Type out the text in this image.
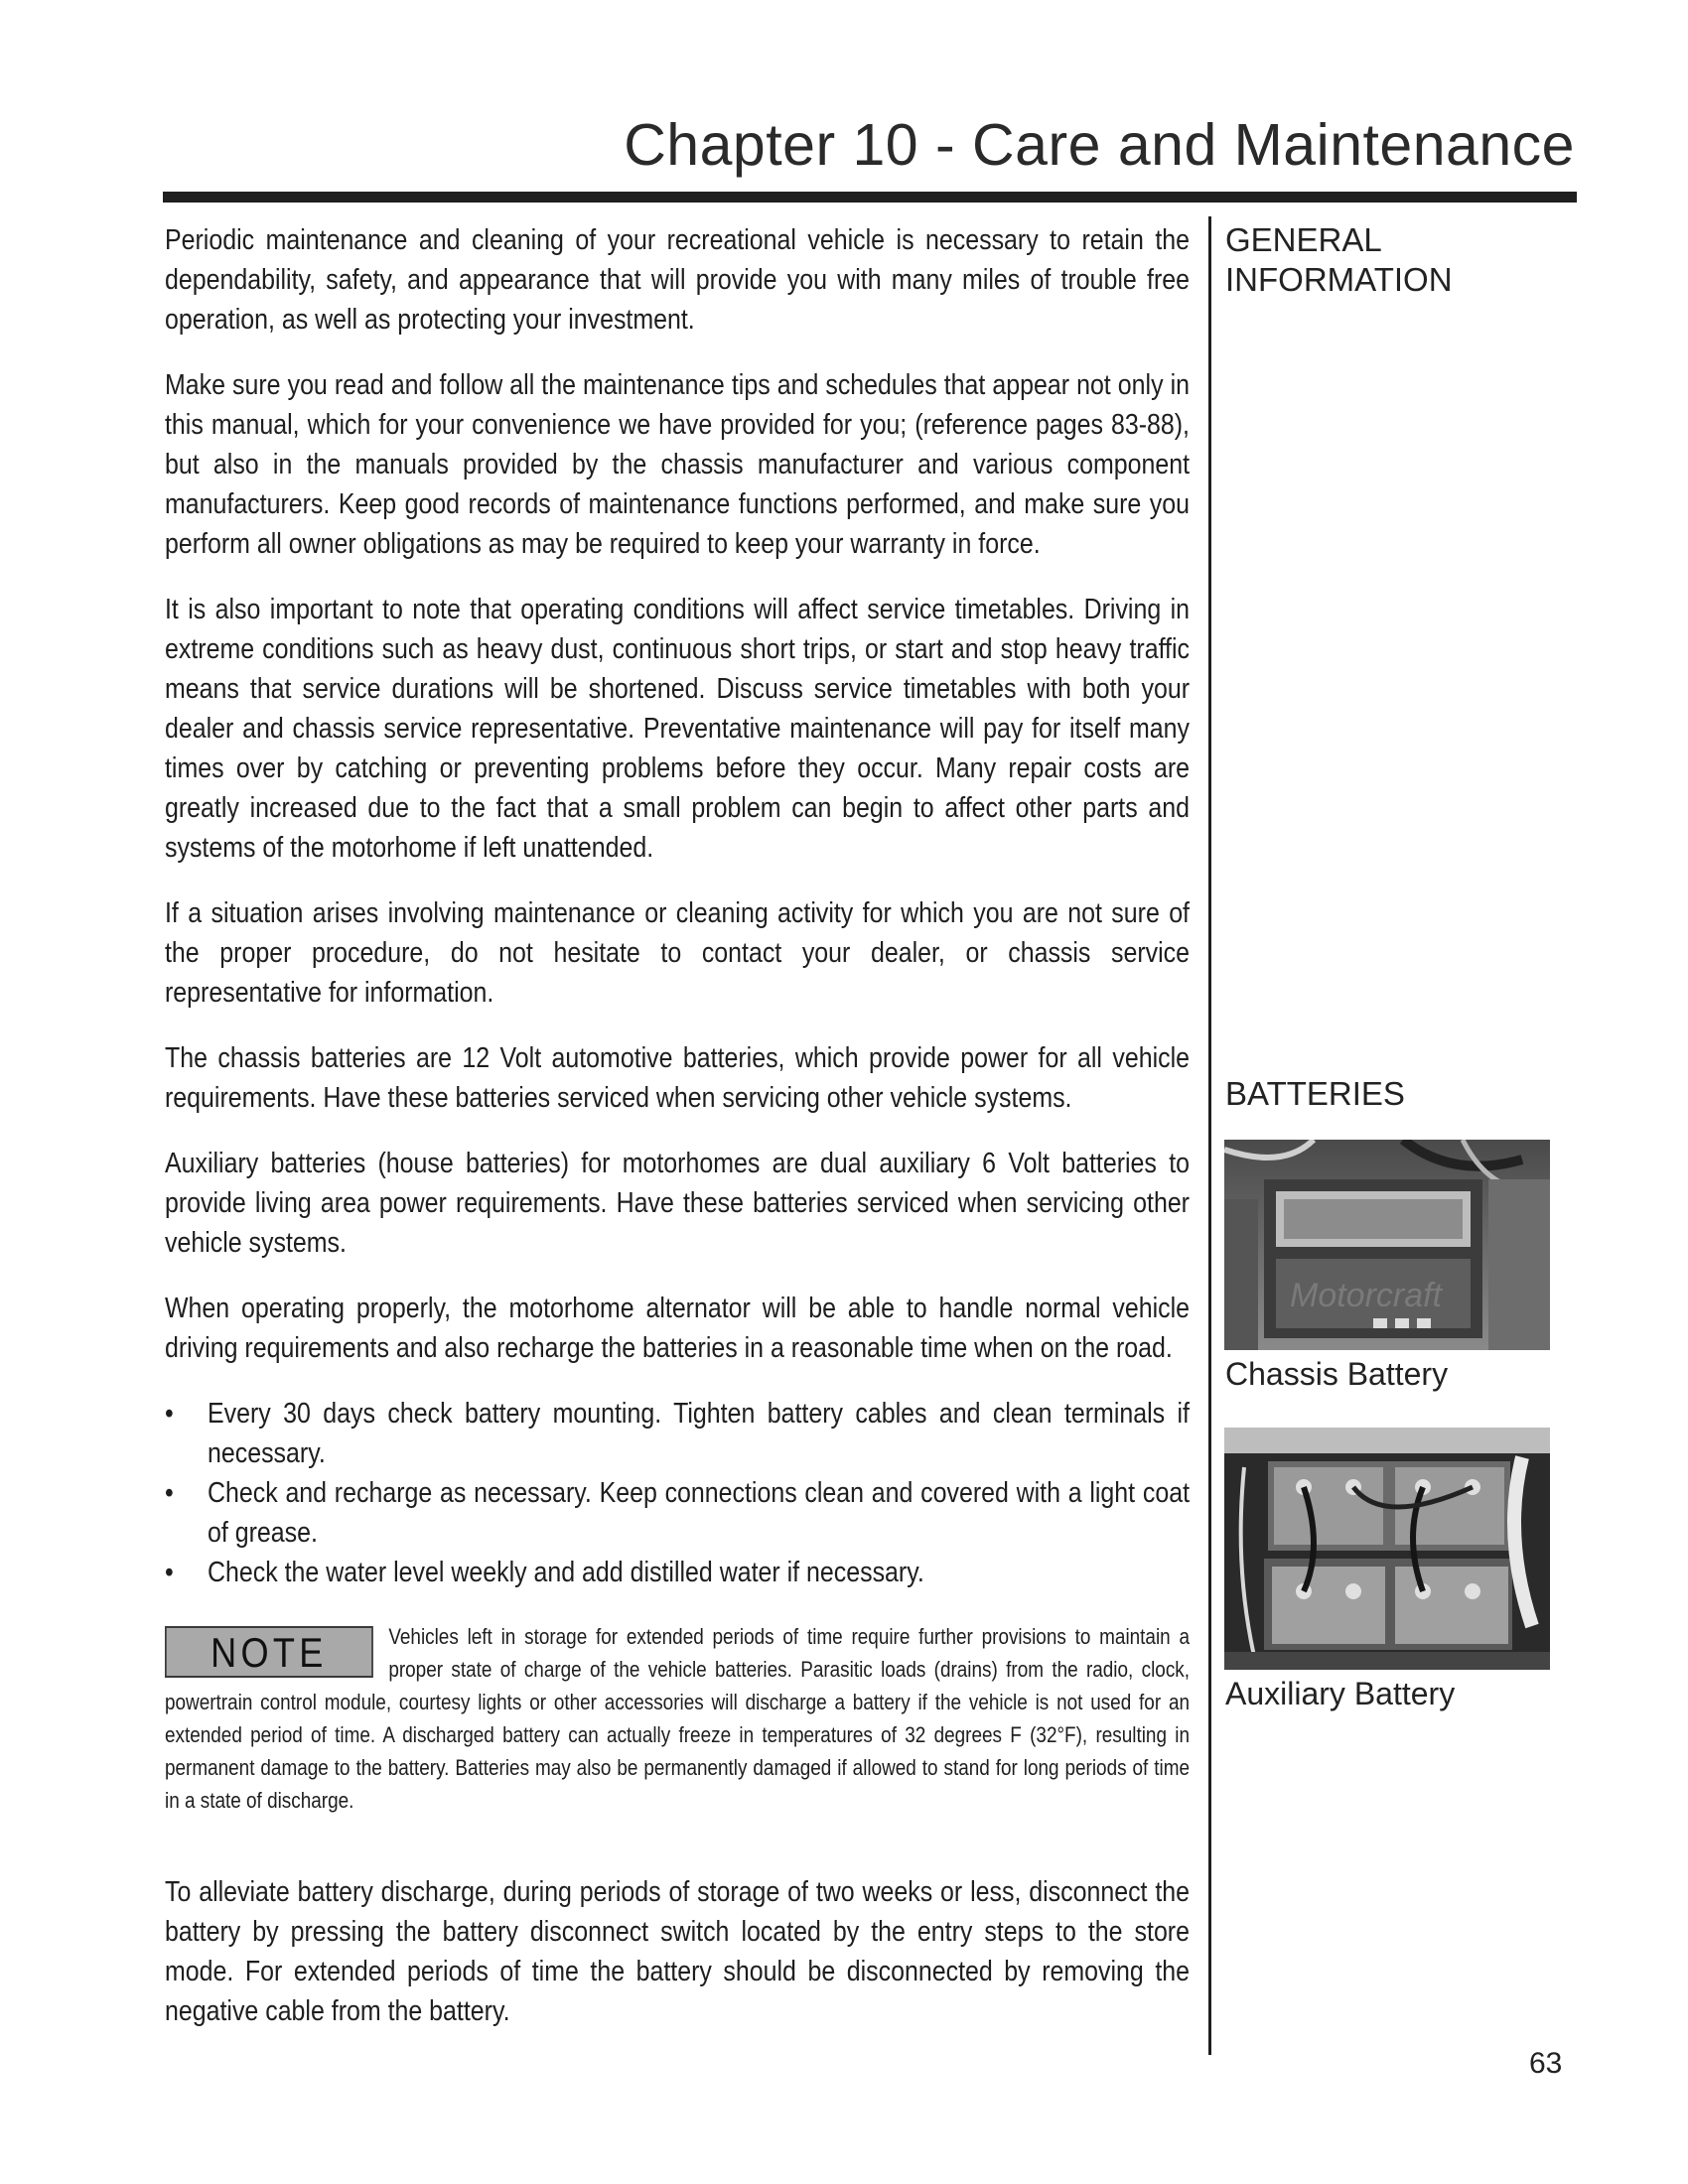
Chapter 10 - Care and Maintenance

Periodic maintenance and cleaning of your recreational vehicle is necessary to retain the dependability, safety, and appearance that will provide you with many miles of trouble free operation, as well as protecting your investment.

Make sure you read and follow all the maintenance tips and schedules that appear not only in this manual, which for your convenience we have provided for you; (reference pages 83-88), but also in the manuals provided by the chassis manufacturer and various component manufacturers. Keep good records of maintenance functions performed, and make sure you perform all owner obligations as may be required to keep your warranty in force.

It is also important to note that operating conditions will affect service timetables. Driving in extreme conditions such as heavy dust, continuous short trips, or start and stop heavy traffic means that service durations will be shortened. Discuss service timetables with both your dealer and chassis service representative. Preventative maintenance will pay for itself many times over by catching or preventing problems before they occur. Many repair costs are greatly increased due to the fact that a small problem can begin to affect other parts and systems of the motorhome if left unattended.

If a situation arises involving maintenance or cleaning activity for which you are not sure of the proper procedure, do not hesitate to contact your dealer, or chassis service representative for information.

The chassis batteries are 12 Volt automotive batteries, which provide power for all vehicle requirements. Have these batteries serviced when servicing other vehicle systems.

Auxiliary batteries (house batteries) for motorhomes are dual auxiliary 6 Volt batteries to provide living area power requirements. Have these batteries serviced when servicing other vehicle systems.

When operating properly, the motorhome alternator will be able to handle normal vehicle driving requirements and also recharge the batteries in a reasonable time when on the road.

• Every 30 days check battery mounting. Tighten battery cables and clean terminals if necessary.
• Check and recharge as necessary. Keep connections clean and covered with a light coat of grease.
• Check the water level weekly and add distilled water if necessary.
NOTE	Vehicles left in storage for extended periods of time require further provisions to maintain a proper state of charge of the vehicle batteries. Parasitic loads (drains) from the radio, clock, powertrain control module, courtesy lights or other accessories will discharge a battery if the vehicle is not used for an extended period of time. A discharged battery can actually freeze in temperatures of 32 degrees F (32°F), resulting in permanent damage to the battery. Batteries may also be permanently damaged if allowed to stand for long periods of time in a state of discharge.

To alleviate battery discharge, during periods of storage of two weeks or less, disconnect the battery by pressing the battery disconnect switch located by the entry steps to the store mode. For extended periods of time the battery should be disconnected by removing the negative cable from the battery.

GENERAL
INFORMATION
BATTERIES
Motorcraft
Chassis Battery
Auxiliary Battery
63
